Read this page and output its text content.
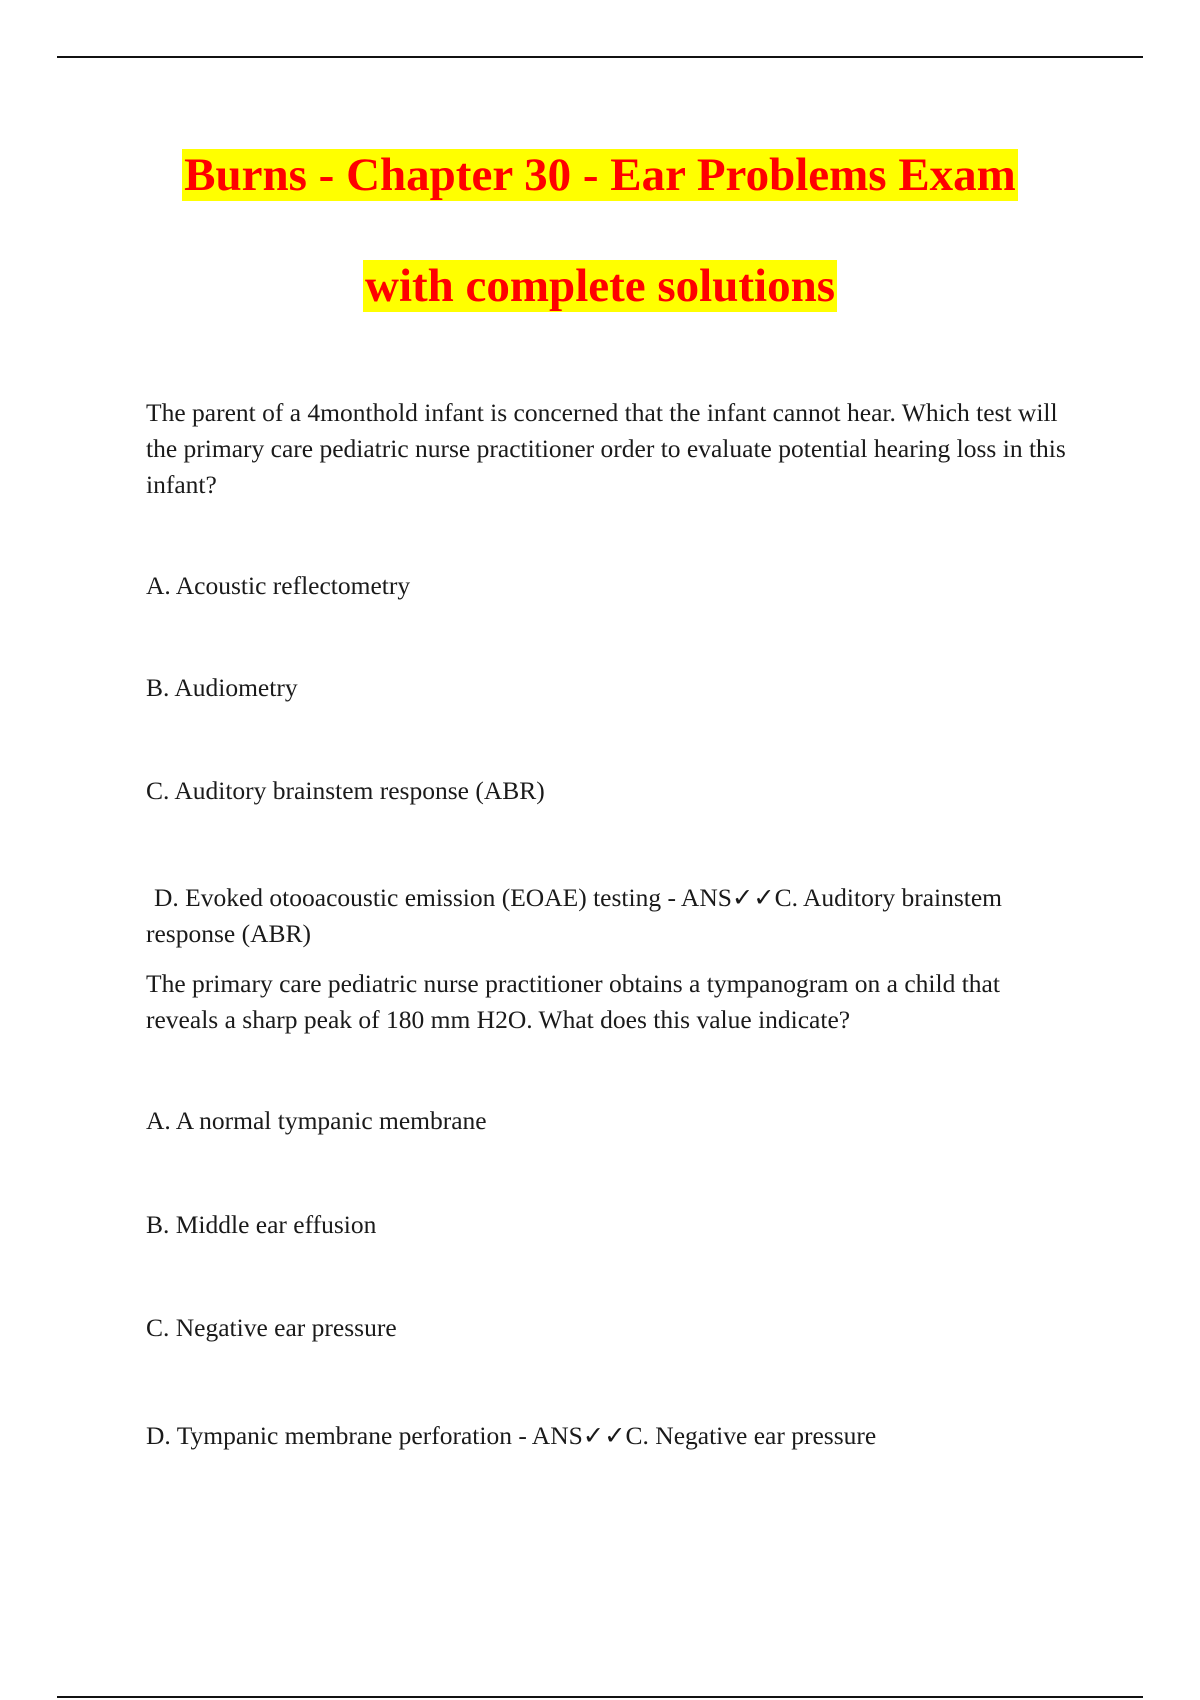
Burns - Chapter 30 - Ear Problems Exam
with complete solutions

The parent of a 4monthold infant is concerned that the infant cannot hear. Which test will the primary care pediatric nurse practitioner order to evaluate potential hearing loss in this infant?

A. Acoustic reflectometry

B. Audiometry

C. Auditory brainstem response (ABR)

D. Evoked otooacoustic emission (EOAE) testing - ANS✓✓C. Auditory brainstem response (ABR)

The primary care pediatric nurse practitioner obtains a tympanogram on a child that reveals a sharp peak of 180 mm H2O. What does this value indicate?

A. A normal tympanic membrane

B. Middle ear effusion

C. Negative ear pressure

D. Tympanic membrane perforation - ANS✓✓C. Negative ear pressure
